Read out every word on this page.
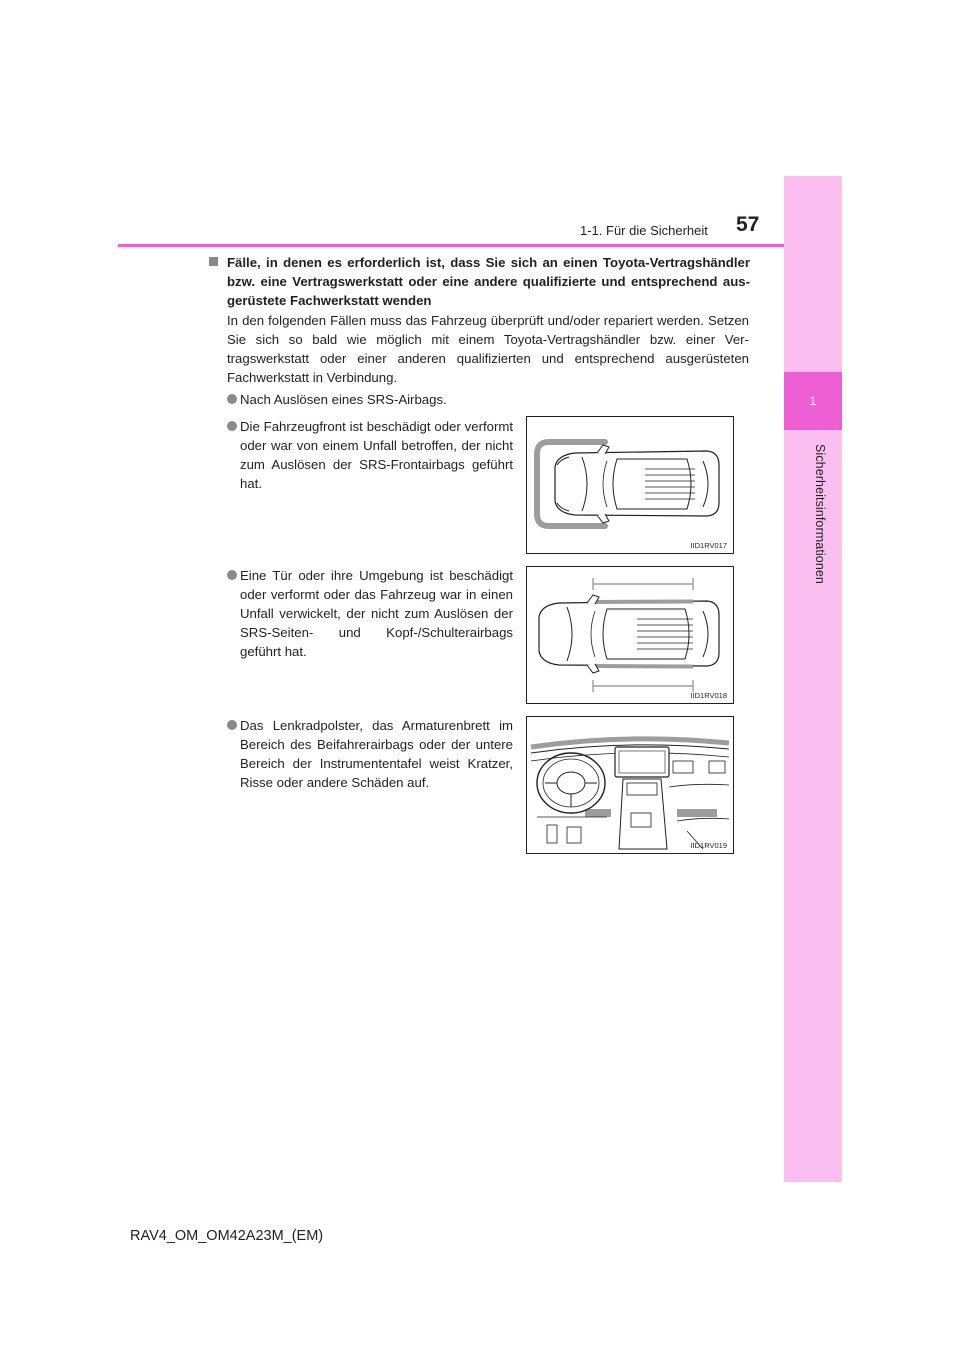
1
Sicherheitsinformationen
1-1. Für die Sicherheit 57
Fälle, in denen es erforderlich ist, dass Sie sich an einen Toyota-Vertragshändler bzw. eine Vertragswerkstatt oder eine andere qualifizierte und entsprechend ausgerüstete Fachwerkstatt wenden
In den folgenden Fällen muss das Fahrzeug überprüft und/oder repariert werden. Setzen Sie sich so bald wie möglich mit einem Toyota-Vertragshändler bzw. einer Vertragswerkstatt oder einer anderen qualifizierten und entsprechend ausgerüsteten Fachwerkstatt in Verbindung.
Nach Auslösen eines SRS-Airbags.
Die Fahrzeugfront ist beschädigt oder verformt oder war von einem Unfall betroffen, der nicht zum Auslösen der SRS-Frontairbags geführt hat.
Eine Tür oder ihre Umgebung ist beschädigt oder verformt oder das Fahrzeug war in einen Unfall verwickelt, der nicht zum Auslösen der SRS-Seiten- und Kopf-/Schulterairbags geführt hat.
Das Lenkradpolster, das Armaturenbrett im Bereich des Beifahrerairbags oder der untere Bereich der Instrumententafel weist Kratzer, Risse oder andere Schäden auf.
IID1RV017
IID1RV018
IID1RV019
RAV4_OM_OM42A23M_(EM)
